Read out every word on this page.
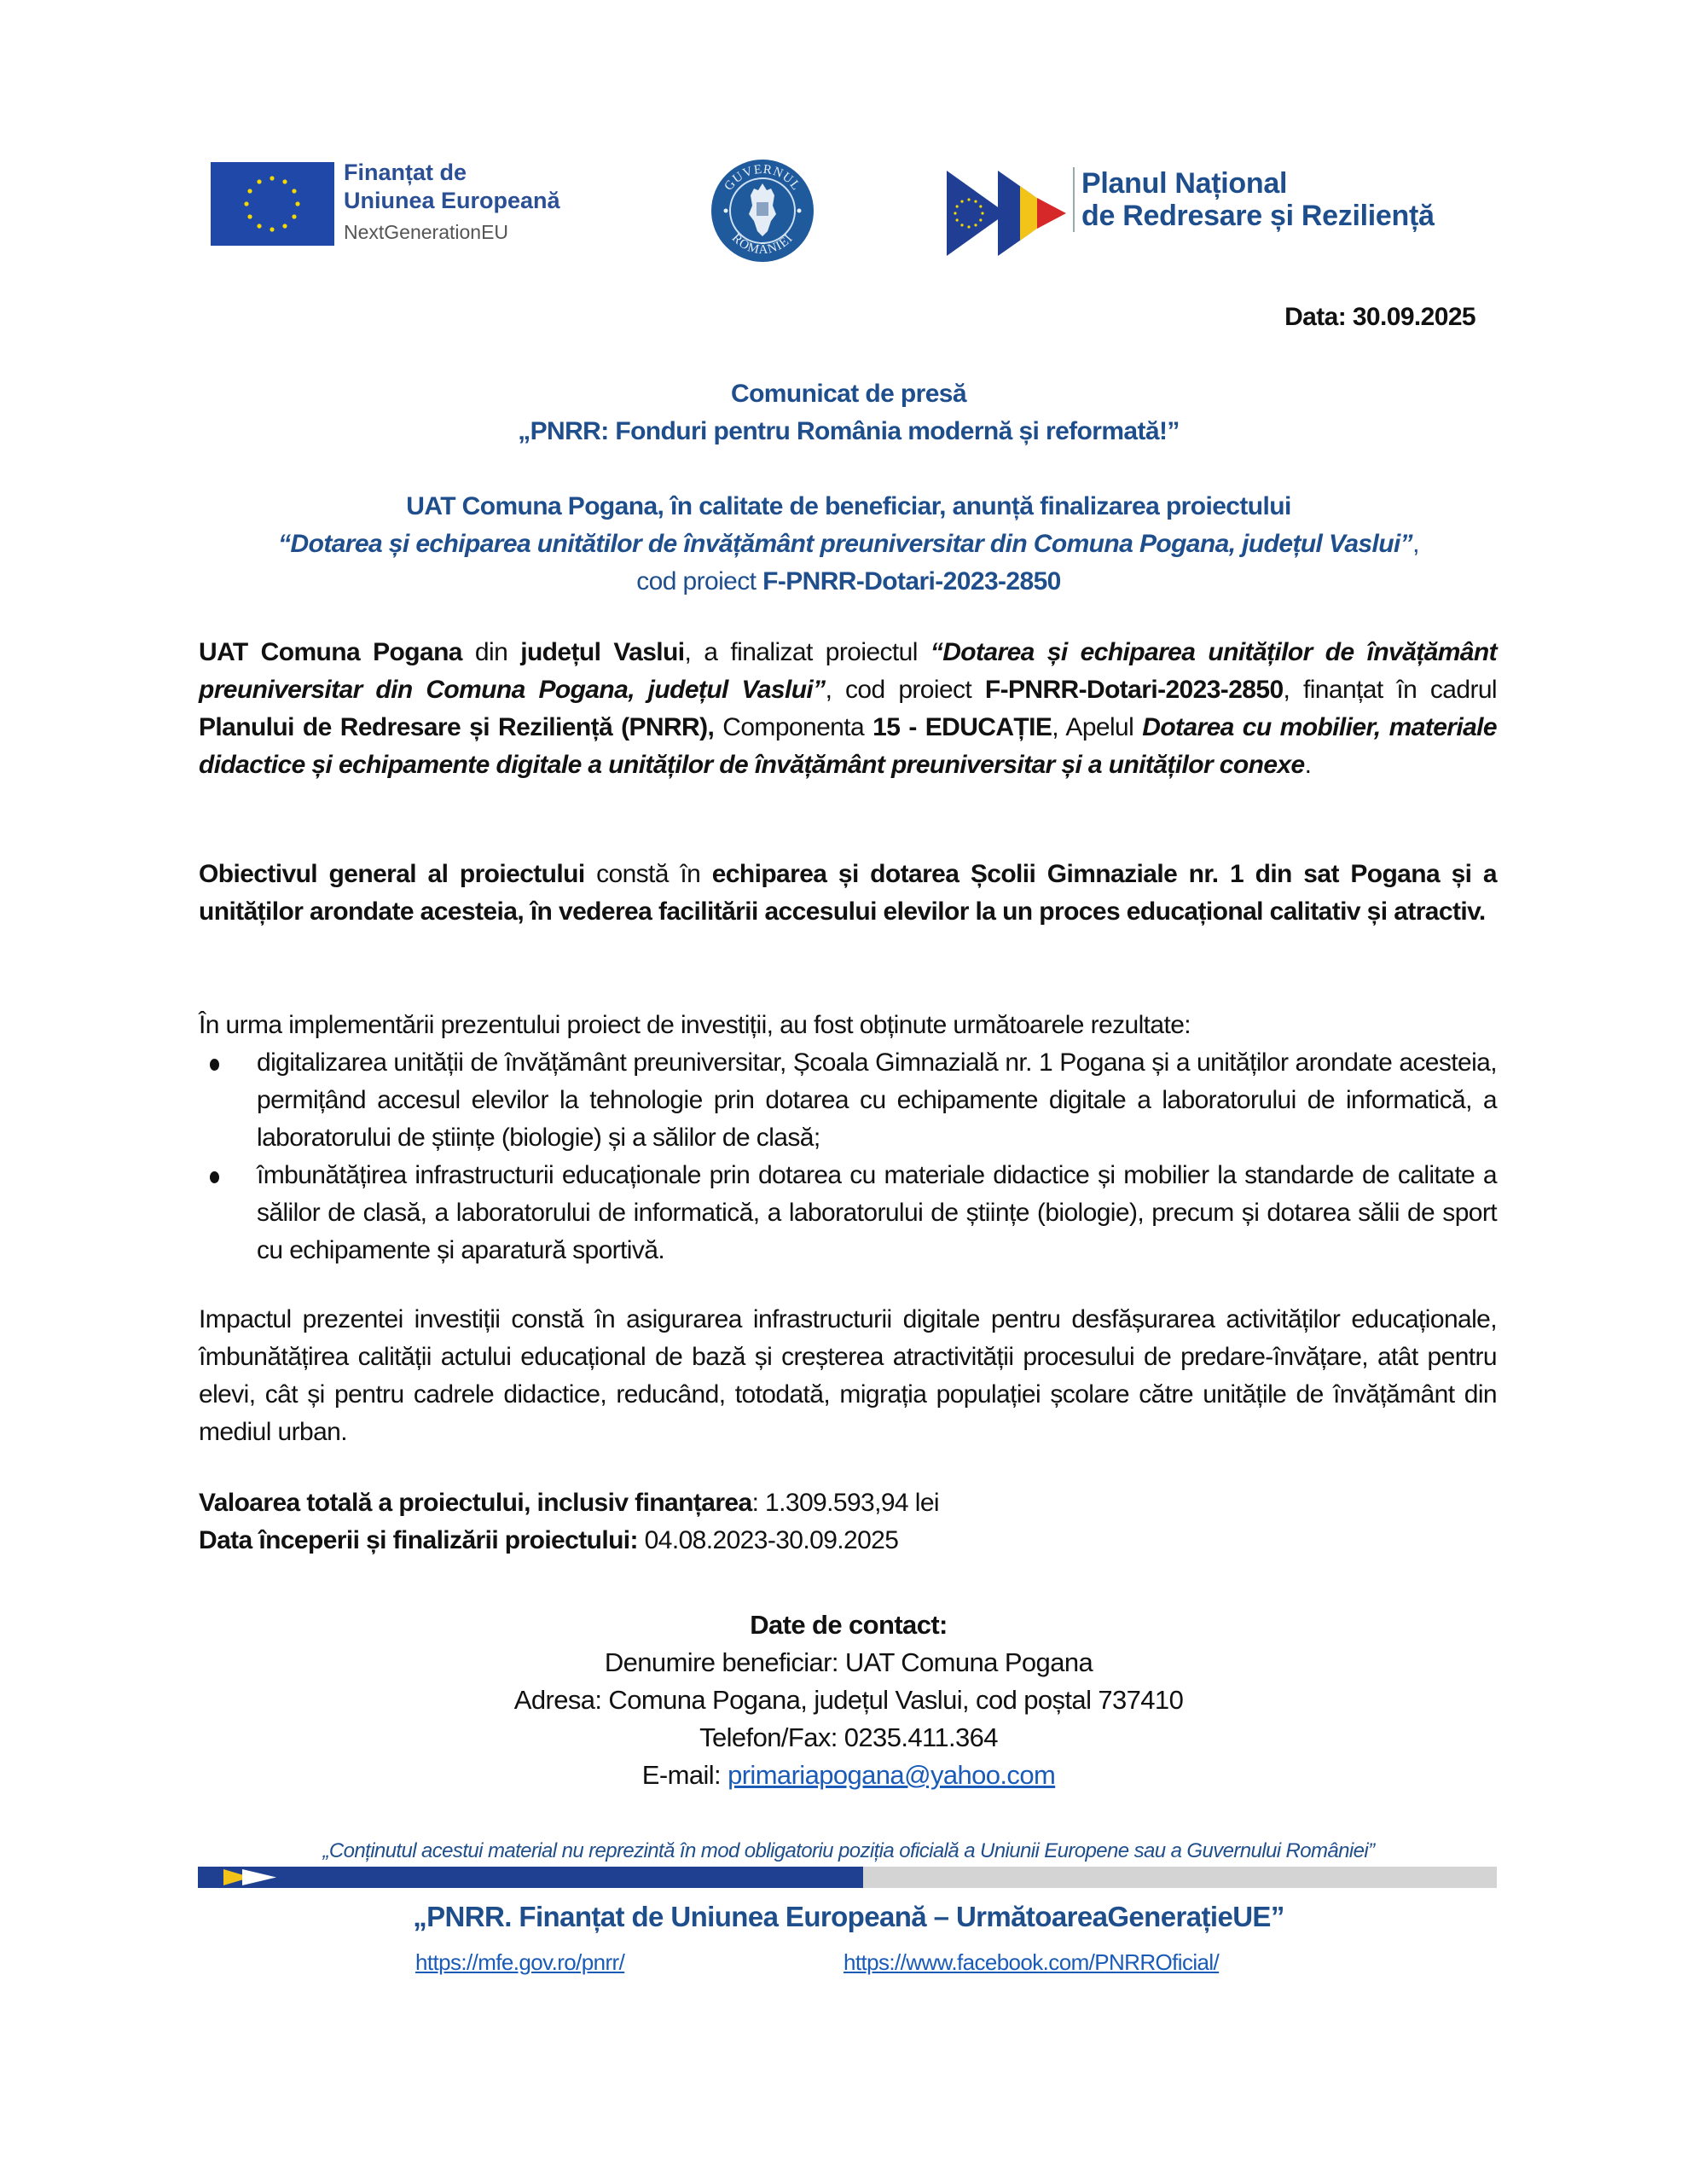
Finanțat de
Uniunea Europeană
NextGenerationEU
GUVERNUL
ROMÂNIEI
Planul Național
de Redresare și Reziliență
Data: 30.09.2025
Comunicat de presă
„PNRR: Fonduri pentru România modernă și reformată!”
UAT Comuna Pogana, în calitate de beneficiar, anunță finalizarea proiectului
“Dotarea și echiparea unitătilor de învățământ preuniversitar din Comuna Pogana, județul Vaslui”,
cod proiect F-PNRR-Dotari-2023-2850
UAT Comuna Pogana din județul Vaslui, a finalizat proiectul “Dotarea și echiparea unităților de învățământ preuniversitar din Comuna Pogana, județul Vaslui”, cod proiect F-PNRR-Dotari-2023-2850, finanțat în cadrul Planului de Redresare și Reziliență (PNRR), Componenta 15 - EDUCAȚIE, Apelul Dotarea cu mobilier, materiale didactice și echipamente digitale a unităților de învățământ preuniversitar și a unităților conexe.
Obiectivul general al proiectului constă în echiparea și dotarea Școlii Gimnaziale nr. 1 din sat Pogana și a unităților arondate acesteia, în vederea facilitării accesului elevilor la un proces educațional calitativ și atractiv.
În urma implementării prezentului proiect de investiții, au fost obținute următoarele rezultate:
digitalizarea unității de învățământ preuniversitar, Școala Gimnazială nr. 1 Pogana și a unităților arondate acesteia, permițând accesul elevilor la tehnologie prin dotarea cu echipamente digitale a laboratorului de informatică, a laboratorului de științe (biologie) și a sălilor de clasă;
îmbunătățirea infrastructurii educaționale prin dotarea cu materiale didactice și mobilier la standarde de calitate a sălilor de clasă, a laboratorului de informatică, a laboratorului de științe (biologie), precum și dotarea sălii de sport cu echipamente și aparatură sportivă.
Impactul prezentei investiții constă în asigurarea infrastructurii digitale pentru desfășurarea activităților educaționale, îmbunătățirea calității actului educațional de bază și creșterea atractivității procesului de predare-învățare, atât pentru elevi, cât și pentru cadrele didactice, reducând, totodată, migrația populației școlare către unitățile de învățământ din mediul urban.
Valoarea totală a proiectului, inclusiv finanțarea: 1.309.593,94 lei
Data începerii și finalizării proiectului: 04.08.2023-30.09.2025
Date de contact:
Denumire beneficiar: UAT Comuna Pogana
Adresa: Comuna Pogana, județul Vaslui, cod poștal 737410
Telefon/Fax: 0235.411.364
E-mail: primariapogana@yahoo.com
„Conținutul acestui material nu reprezintă în mod obligatoriu poziția oficială a Uniunii Europene sau a Guvernului României”
„PNRR. Finanțat de Uniunea Europeană – UrmătoareaGenerațieUE”
https://mfe.gov.ro/pnrr/	https://www.facebook.com/PNRROficial/
